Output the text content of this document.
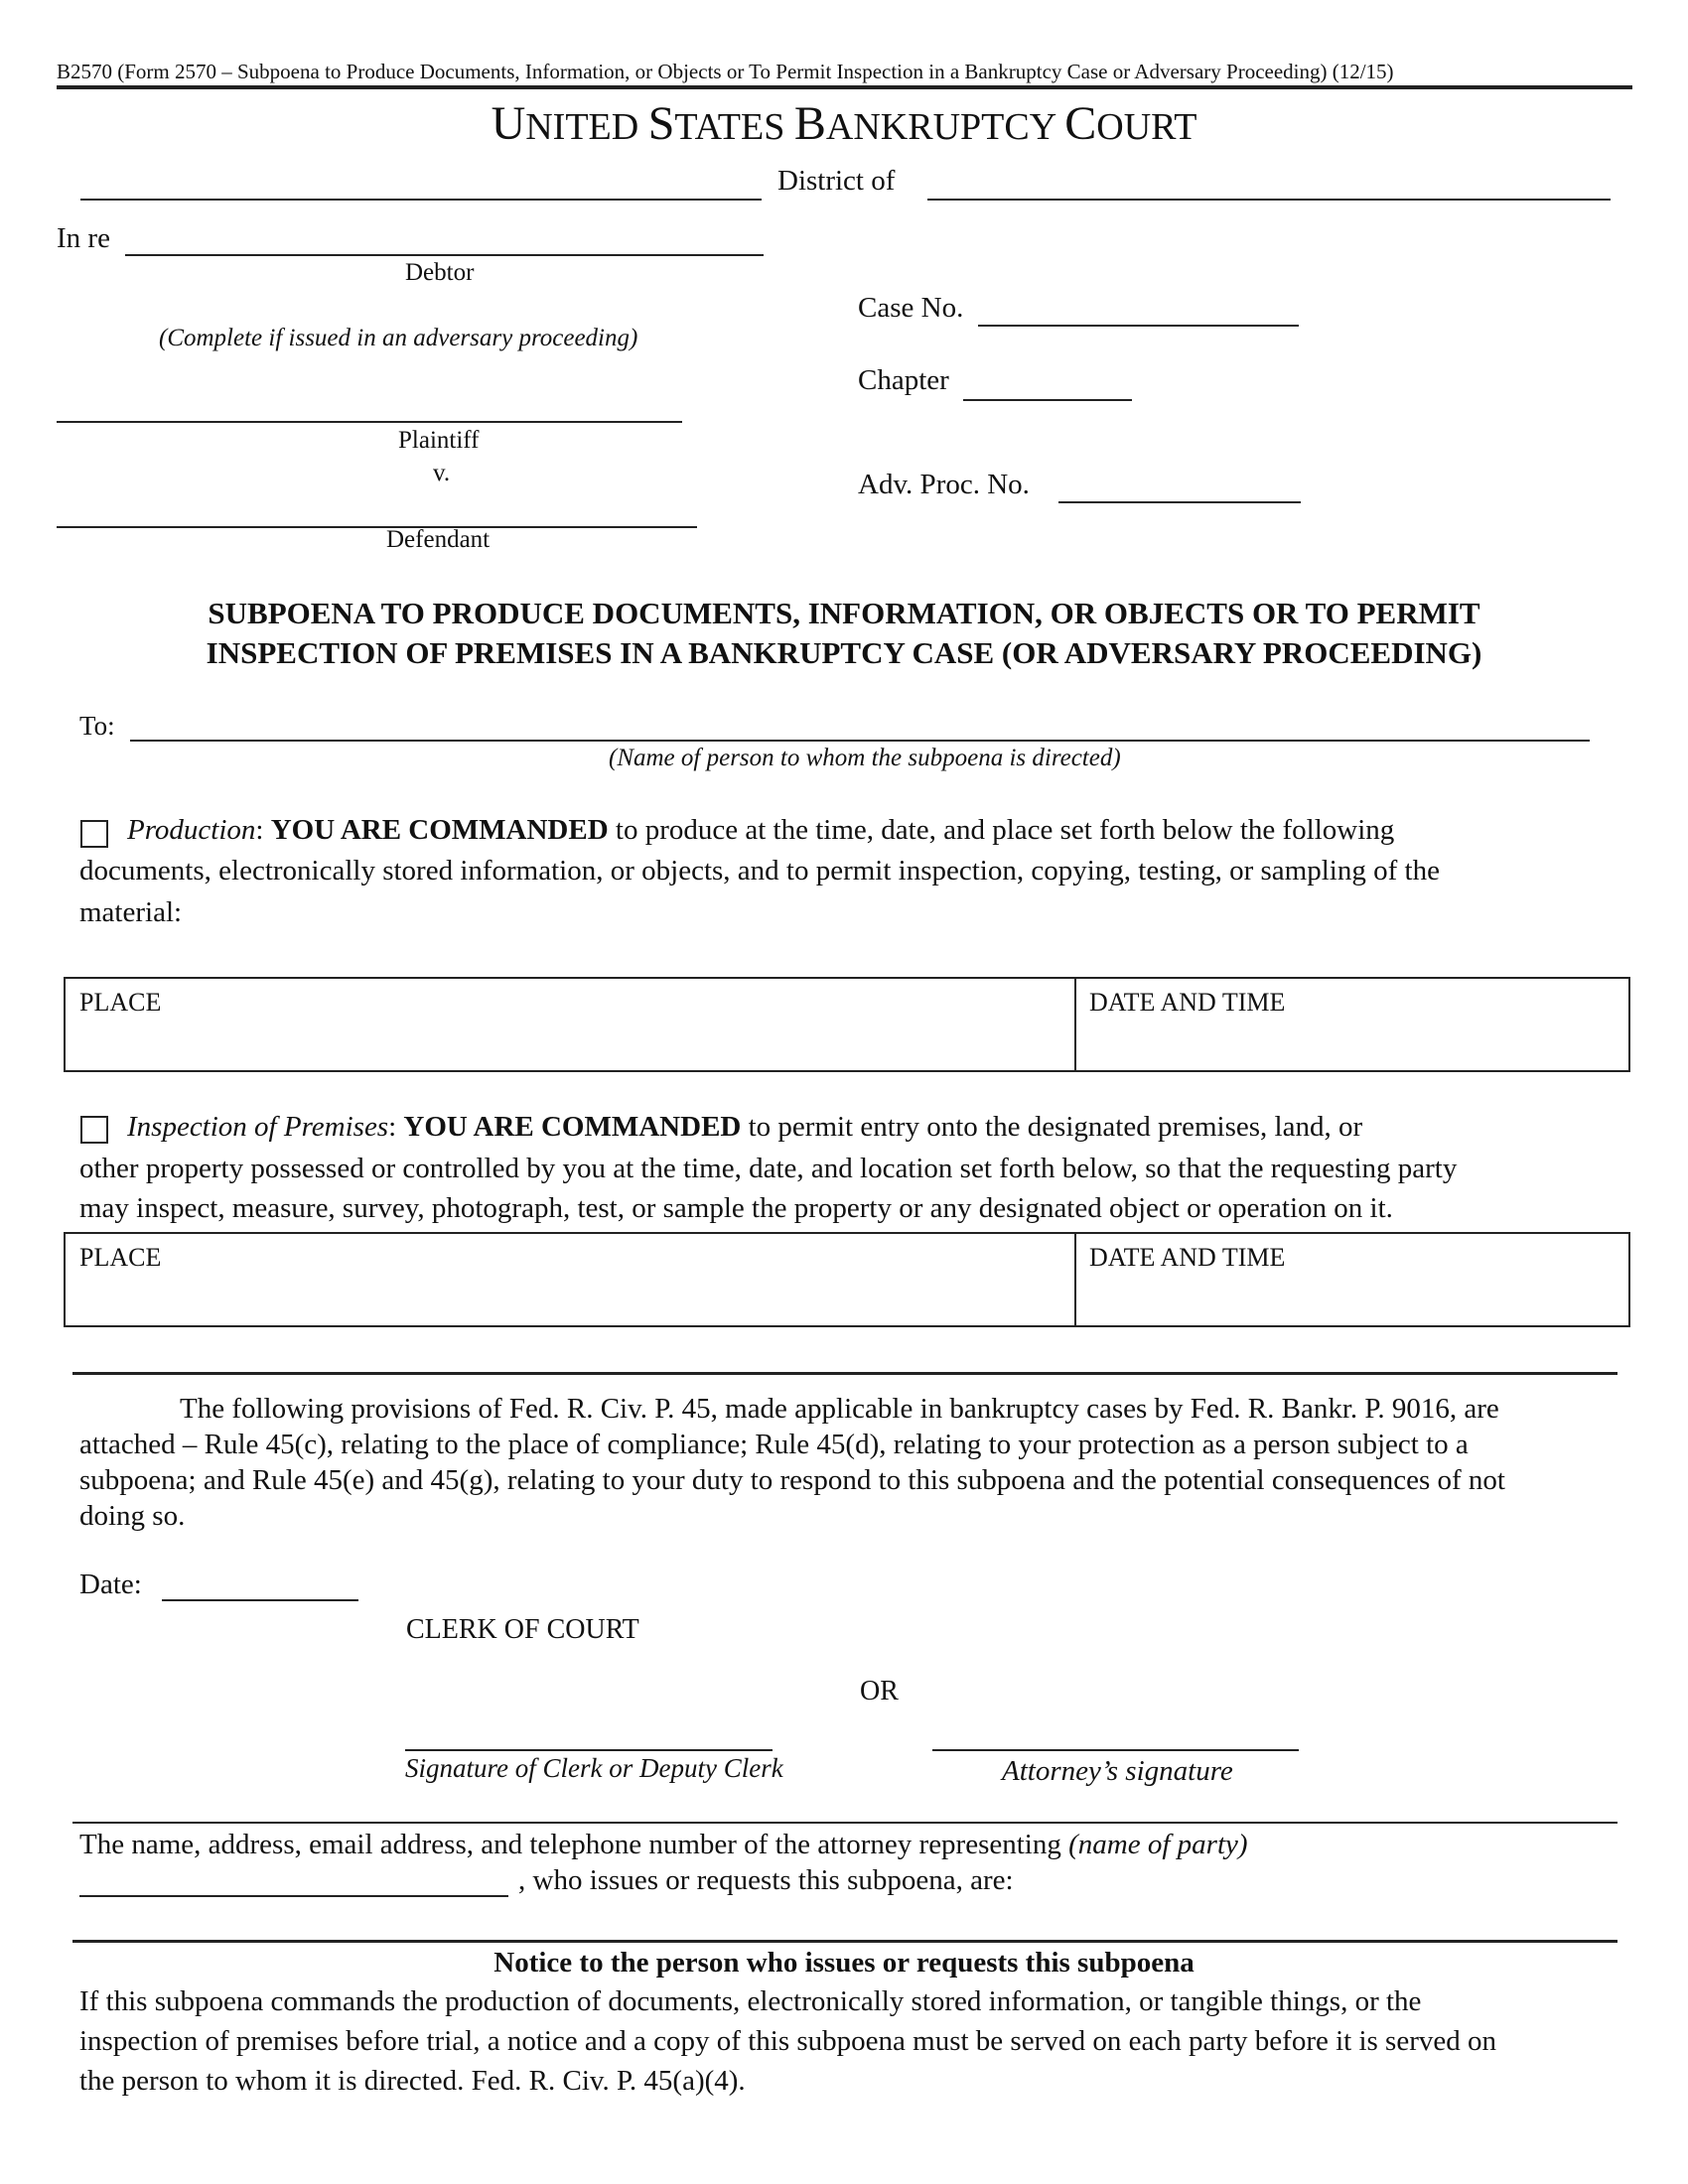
B2570 (Form 2570 – Subpoena to Produce Documents, Information, or Objects or To Permit Inspection in a Bankruptcy Case or Adversary Proceeding) (12/15)
UNITED STATES BANKRUPTCY COURT
District of
In re
Debtor
(Complete if issued in an adversary proceeding)
Plaintiff
v.
Defendant
Case No.
Chapter
Adv. Proc. No.
SUBPOENA TO PRODUCE DOCUMENTS, INFORMATION, OR OBJECTS OR TO PERMIT
INSPECTION OF PREMISES IN A BANKRUPTCY CASE (OR ADVERSARY PROCEEDING)
To:
(Name of person to whom the subpoena is directed)
Production: YOU ARE COMMANDED to produce at the time, date, and place set forth below the following
documents, electronically stored information, or objects, and to permit inspection, copying, testing, or sampling of the
material:
PLACE	DATE AND TIME
Inspection of Premises: YOU ARE COMMANDED to permit entry onto the designated premises, land, or
other property possessed or controlled by you at the time, date, and location set forth below, so that the requesting party
may inspect, measure, survey, photograph, test, or sample the property or any designated object or operation on it.
PLACE	DATE AND TIME
The following provisions of Fed. R. Civ. P. 45, made applicable in bankruptcy cases by Fed. R. Bankr. P. 9016, are
attached – Rule 45(c), relating to the place of compliance; Rule 45(d), relating to your protection as a person subject to a
subpoena; and Rule 45(e) and 45(g), relating to your duty to respond to this subpoena and the potential consequences of not
doing so.
Date:
CLERK OF COURT
OR
Signature of Clerk or Deputy Clerk	Attorney’s signature
The name, address, email address, and telephone number of the attorney representing (name of party)
, who issues or requests this subpoena, are:
Notice to the person who issues or requests this subpoena
If this subpoena commands the production of documents, electronically stored information, or tangible things, or the
inspection of premises before trial, a notice and a copy of this subpoena must be served on each party before it is served on
the person to whom it is directed. Fed. R. Civ. P. 45(a)(4).
